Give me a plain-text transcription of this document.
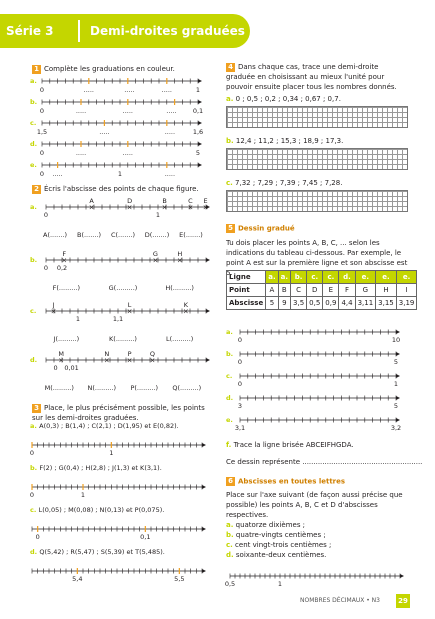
Série 3	Demi-droites graduées
1 Complète les graduations en couleur.
a.
0	.....	.....	.....	1
b.
0	.....	.....	..... 0,1
c.
1,5	.....	.....	1,6
d.
0	.....	.....	5
e.
0 .....	1	.....
2 Écris l'abscisse des points de chaque figure.
a.	×
A
×
D
×
B
×
C
×
E
0	1
A(.......) B(.......) C(.......) D(.......) E(.......)
b.	×
F
×
G
×
H
0 0,2
F(.........)	G(.........)	H(.........)
c. ×
J
×
L
×
K
1	1,1
J(.........)	K(.........)	L(.........)
d.	×
M
×
N
×
P
×
Q
0 0,01
M(.........) N(.........) P(.........) Q(.........)
3 Place, le plus précisément possible, les points sur les demi-droites graduées.
a. A(0,3) ; B(1,4) ; C(2,1) ; D(1,95) et E(0,82).
0	1
b. F(2) ; G(0,4) ; H(2,8) ; J(1,3) et K(3,1).
0	1
c. L(0,05) ; M(0,08) ; N(0,13) et P(0,075).
0	0,1
d. Q(5,42) ; R(5,47) ; S(5,39) et T(5,485).
5,4	5,5
4 Dans chaque cas, trace une demi-droite graduée en choisissant au mieux l'unité pour pouvoir ensuite placer tous les nombres donnés.
a. 0 ; 0,5 ; 0,2 ; 0,34 ; 0,67 ; 0,7.
b. 12,4 ; 11,2 ; 15,3 ; 18,9 ; 17,3.
c. 7,32 ; 7,29 ; 7,39 ; 7,45 ; 7,28.
5 Dessin gradué
Tu dois placer les points A, B, C, ... selon les indications du tableau ci-dessous. Par exemple, le point A est sur la première ligne et son abscisse est 5.
Ligne	a.	a.	b.	c.	c.	d.	e.	e.	e.
Point	A	B	C	D	E	F	G	H	I
Abscisse	5	9	3,5	0,5	0,9	4,4	3,11	3,15	3,19
a.
0	10
b.
0	5
c.
0	1
d.
3	5
e.
3,1	3,2
f. Trace la ligne brisée ABCEIFHGDA.
Ce dessin représente ......................................................
6 Abscisses en toutes lettres
Place sur l'axe suivant (de façon aussi précise que possible) les points A, B, C et D d'abscisses respectives.
a. quatorze dixièmes ;
b. quatre-vingts centièmes ;
c. cent vingt-trois centièmes ;
d. soixante-deux centièmes.
0,5	1
NOMBRES DÉCIMAUX • N3	29
